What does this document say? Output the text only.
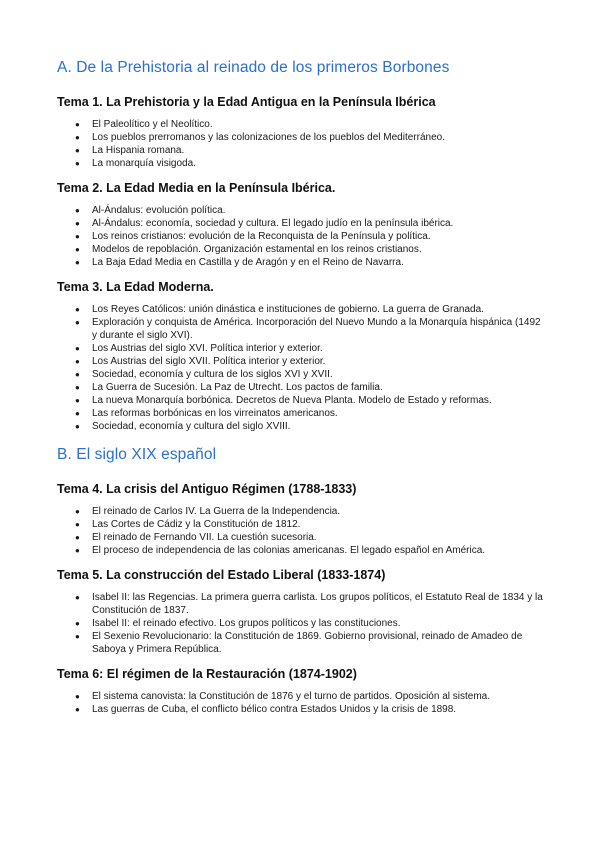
A. De la Prehistoria al reinado de los primeros Borbones
Tema 1. La Prehistoria y la Edad Antigua en la Península Ibérica
● El Paleolítico y el Neolítico.
● Los pueblos prerromanos y las colonizaciones de los pueblos del Mediterráneo.
● La Hispania romana.
● La monarquía visigoda.
Tema 2. La Edad Media en la Península Ibérica.
● Al-Ándalus: evolución política.
● Al-Ándalus: economía, sociedad y cultura. El legado judío en la península ibérica.
● Los reinos cristianos: evolución de la Reconquista de la Península y política.
● Modelos de repoblación. Organización estamental en los reinos cristianos.
● La Baja Edad Media en Castilla y de Aragón y en el Reino de Navarra.
Tema 3. La Edad Moderna.
● Los Reyes Católicos: unión dinástica e instituciones de gobierno. La guerra de Granada.
● Exploración y conquista de América. Incorporación del Nuevo Mundo a la Monarquía hispánica (1492 y durante el siglo XVI).
● Los Austrias del siglo XVI. Política interior y exterior.
● Los Austrias del siglo XVII. Política interior y exterior.
● Sociedad, economía y cultura de los siglos XVI y XVII.
● La Guerra de Sucesión. La Paz de Utrecht. Los pactos de familia.
● La nueva Monarquía borbónica. Decretos de Nueva Planta. Modelo de Estado y reformas.
● Las reformas borbónicas en los virreinatos americanos.
● Sociedad, economía y cultura del siglo XVIII.
B. El siglo XIX español
Tema 4. La crisis del Antiguo Régimen (1788-1833)
● El reinado de Carlos IV. La Guerra de la Independencia.
● Las Cortes de Cádiz y la Constitución de 1812.
● El reinado de Fernando VII. La cuestión sucesoria.
● El proceso de independencia de las colonias americanas. El legado español en América.
Tema 5. La construcción del Estado Liberal (1833-1874)
● Isabel II: las Regencias. La primera guerra carlista. Los grupos políticos, el Estatuto Real de 1834 y la Constitución de 1837.
● Isabel II: el reinado efectivo. Los grupos políticos y las constituciones.
● El Sexenio Revolucionario: la Constitución de 1869. Gobierno provisional, reinado de Amadeo de Saboya y Primera República.
Tema 6: El régimen de la Restauración (1874-1902)
● El sistema canovista: la Constitución de 1876 y el turno de partidos. Oposición al sistema.
● Las guerras de Cuba, el conflicto bélico contra Estados Unidos y la crisis de 1898.
